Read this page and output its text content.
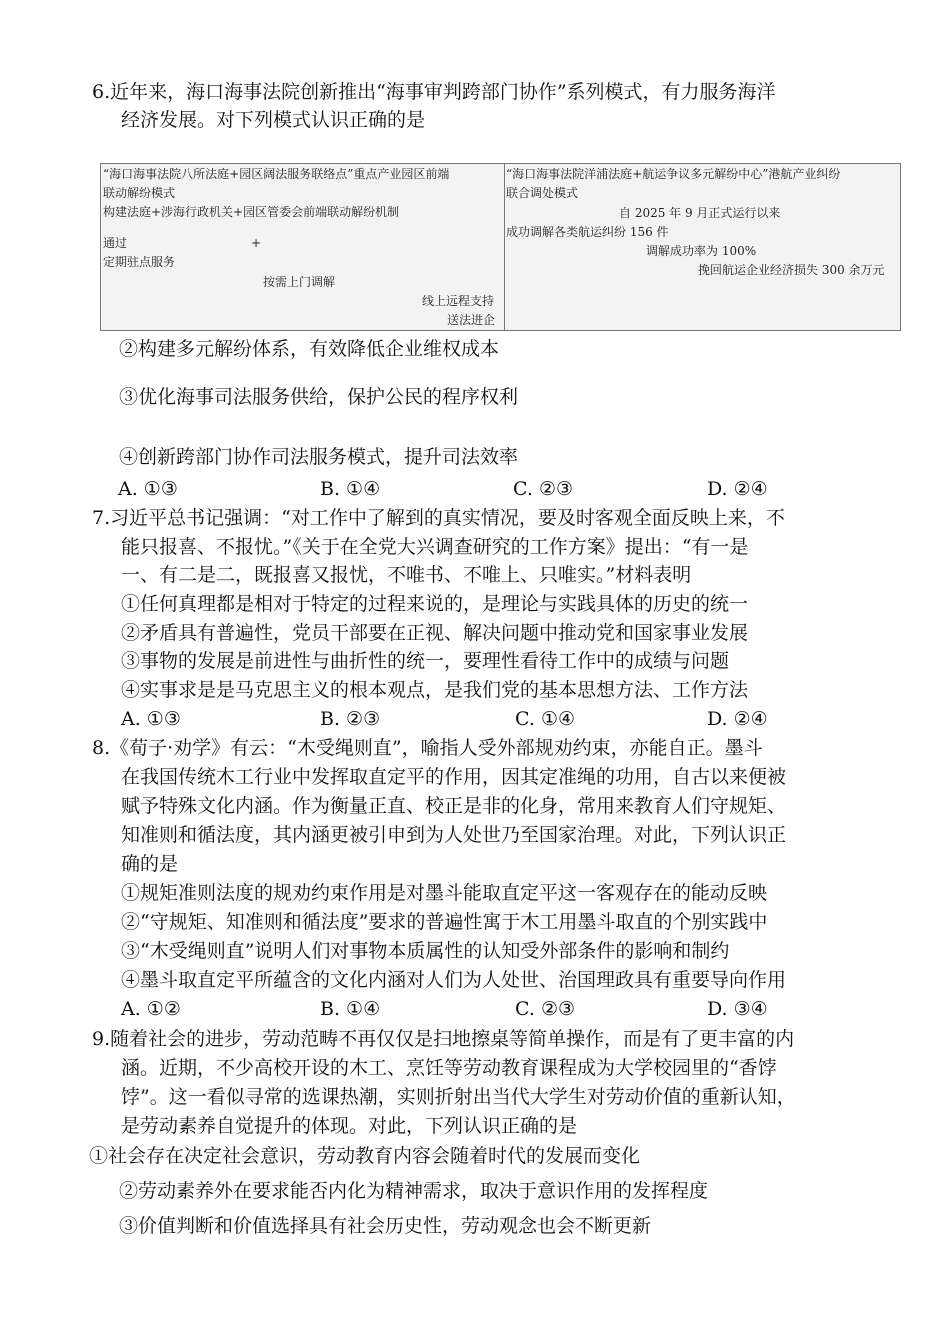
6.近年来，海口海事法院创新推出“海事审判跨部门协作”系列模式，有力服务海洋
经济发展。对下列模式认识正确的是
“海口海事法院八所法庭+园区阔法服务联络点”重点产业园区前端
联动解纷模式
构建法庭+涉海行政机关+园区管委会前端联动解纷机制
通过	+
定期驻点服务
按需上门调解
线上远程支持
送法进企
“海口海事法院洋浦法庭+航运争议多元解纷中心”港航产业纠纷
联合调处模式
自 2025 年 9 月正式运行以来
成功调解各类航运纠纷 156 件
调解成功率为 100%
挽回航运企业经济损失 300 余万元
②构建多元解纷体系，有效降低企业维权成本
③优化海事司法服务供给，保护公民的程序权利
④创新跨部门协作司法服务模式，提升司法效率
A. ①③	B. ①④	C. ②③	D. ②④
7.习近平总书记强调：“对工作中了解到的真实情况，要及时客观全面反映上来，不
能只报喜、不报忧。”《关于在全党大兴调查研究的工作方案》提出：“有一是
一、有二是二，既报喜又报忧，不唯书、不唯上、只唯实。”材料表明
①任何真理都是相对于特定的过程来说的，是理论与实践具体的历史的统一
②矛盾具有普遍性，党员干部要在正视、解决问题中推动党和国家事业发展
③事物的发展是前进性与曲折性的统一，要理性看待工作中的成绩与问题
④实事求是是马克思主义的根本观点，是我们党的基本思想方法、工作方法
A. ①③	B. ②③	C. ①④	D. ②④
8.《荀子·劝学》有云：“木受绳则直”，喻指人受外部规劝约束，亦能自正。墨斗
在我国传统木工行业中发挥取直定平的作用，因其定准绳的功用，自古以来便被
赋予特殊文化内涵。作为衡量正直、校正是非的化身，常用来教育人们守规矩、
知准则和循法度，其内涵更被引申到为人处世乃至国家治理。对此，下列认识正
确的是
①规矩准则法度的规劝约束作用是对墨斗能取直定平这一客观存在的能动反映
②“守规矩、知准则和循法度”要求的普遍性寓于木工用墨斗取直的个别实践中
③“木受绳则直”说明人们对事物本质属性的认知受外部条件的影响和制约
④墨斗取直定平所蕴含的文化内涵对人们为人处世、治国理政具有重要导向作用
A. ①②	B. ①④	C. ②③	D. ③④
9.随着社会的进步，劳动范畴不再仅仅是扫地擦桌等简单操作，而是有了更丰富的内
涵。近期，不少高校开设的木工、烹饪等劳动教育课程成为大学校园里的“香饽
饽”。这一看似寻常的选课热潮，实则折射出当代大学生对劳动价值的重新认知，
是劳动素养自觉提升的体现。对此，下列认识正确的是
①社会存在决定社会意识，劳动教育内容会随着时代的发展而变化
②劳动素养外在要求能否内化为精神需求，取决于意识作用的发挥程度
③价值判断和价值选择具有社会历史性，劳动观念也会不断更新
